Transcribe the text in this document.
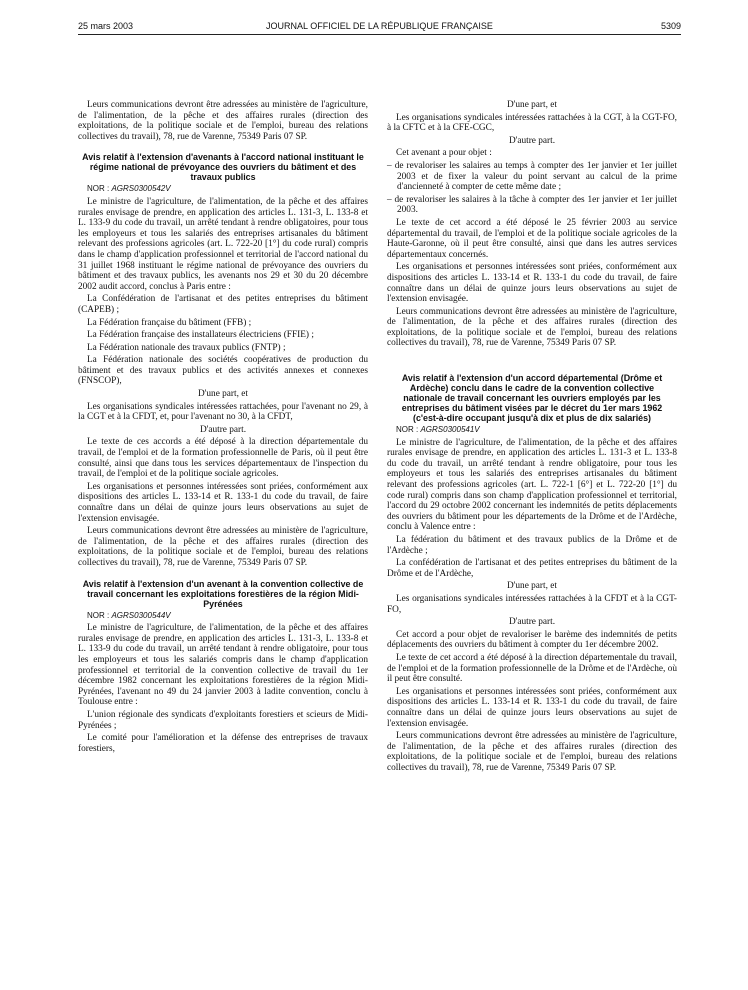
25 mars 2003	JOURNAL OFFICIEL DE LA RÉPUBLIQUE FRANÇAISE	5309

Leurs communications devront être adressées au ministère de l'agriculture, de l'alimentation, de la pêche et des affaires rurales (direction des exploitations, de la politique sociale et de l'emploi, bureau des relations collectives du travail), 78, rue de Varenne, 75349 Paris 07 SP.

Avis relatif à l'extension d'avenants à l'accord national instituant le régime national de prévoyance des ouvriers du bâtiment et des travaux publics

NOR : AGRS0300542V

Le ministre de l'agriculture, de l'alimentation, de la pêche et des affaires rurales envisage de prendre, en application des articles L. 131-3, L. 133-8 et L. 133-9 du code du travail, un arrêté tendant à rendre obligatoires, pour tous les employeurs et tous les salariés des entreprises artisanales du bâtiment relevant des professions agricoles (art. L. 722-20 [1°] du code rural) compris dans le champ d'application professionnel et territorial de l'accord national du 31 juillet 1968 instituant le régime national de prévoyance des ouvriers du bâtiment et des travaux publics, les avenants nos 29 et 30 du 20 décembre 2002 audit accord, conclus à Paris entre :

La Confédération de l'artisanat et des petites entreprises du bâtiment (CAPEB) ;

La Fédération française du bâtiment (FFB) ;

La Fédération française des installateurs électriciens (FFIE) ;

La Fédération nationale des travaux publics (FNTP) ;

La Fédération nationale des sociétés coopératives de production du bâtiment et des travaux publics et des activités annexes et connexes (FNSCOP),

D'une part, et

Les organisations syndicales intéressées rattachées, pour l'avenant no 29, à la CGT et à la CFDT, et, pour l'avenant no 30, à la CFDT,

D'autre part.

Le texte de ces accords a été déposé à la direction départementale du travail, de l'emploi et de la formation professionnelle de Paris, où il peut être consulté, ainsi que dans tous les services départementaux de l'inspection du travail, de l'emploi et de la politique sociale agricoles.

Les organisations et personnes intéressées sont priées, conformément aux dispositions des articles L. 133-14 et R. 133-1 du code du travail, de faire connaître dans un délai de quinze jours leurs observations au sujet de l'extension envisagée.

Leurs communications devront être adressées au ministère de l'agriculture, de l'alimentation, de la pêche et des affaires rurales (direction des exploitations, de la politique sociale et de l'emploi, bureau des relations collectives du travail), 78, rue de Varenne, 75349 Paris 07 SP.

Avis relatif à l'extension d'un avenant à la convention collective de travail concernant les exploitations forestières de la région Midi-Pyrénées

NOR : AGRS0300544V

Le ministre de l'agriculture, de l'alimentation, de la pêche et des affaires rurales envisage de prendre, en application des articles L. 131-3, L. 133-8 et L. 133-9 du code du travail, un arrêté tendant à rendre obligatoire, pour tous les employeurs et tous les salariés compris dans le champ d'application professionnel et territorial de la convention collective de travail du 1er décembre 1982 concernant les exploitations forestières de la région Midi-Pyrénées, l'avenant no 49 du 24 janvier 2003 à ladite convention, conclu à Toulouse entre :

L'union régionale des syndicats d'exploitants forestiers et scieurs de Midi-Pyrénées ;

Le comité pour l'amélioration et la défense des entreprises de travaux forestiers,

D'une part, et

Les organisations syndicales intéressées rattachées à la CGT, à la CGT-FO, à la CFTC et à la CFE-CGC,

D'autre part.

Cet avenant a pour objet :

– de revaloriser les salaires au temps à compter des 1er janvier et 1er juillet 2003 et de fixer la valeur du point servant au calcul de la prime d'ancienneté à compter de cette même date ;

– de revaloriser les salaires à la tâche à compter des 1er janvier et 1er juillet 2003.

Le texte de cet accord a été déposé le 25 février 2003 au service départemental du travail, de l'emploi et de la politique sociale agricoles de la Haute-Garonne, où il peut être consulté, ainsi que dans les autres services départementaux concernés.

Les organisations et personnes intéressées sont priées, conformément aux dispositions des articles L. 133-14 et R. 133-1 du code du travail, de faire connaître dans un délai de quinze jours leurs observations au sujet de l'extension envisagée.

Leurs communications devront être adressées au ministère de l'agriculture, de l'alimentation, de la pêche et des affaires rurales (direction des exploitations, de la politique sociale et de l'emploi, bureau des relations collectives du travail), 78, rue de Varenne, 75349 Paris 07 SP.

Avis relatif à l'extension d'un accord départemental (Drôme et Ardèche) conclu dans le cadre de la convention collective nationale de travail concernant les ouvriers employés par les entreprises du bâtiment visées par le décret du 1er mars 1962 (c'est-à-dire occupant jusqu'à dix et plus de dix salariés)

NOR : AGRS0300541V

Le ministre de l'agriculture, de l'alimentation, de la pêche et des affaires rurales envisage de prendre, en application des articles L. 131-3 et L. 133-8 du code du travail, un arrêté tendant à rendre obligatoire, pour tous les employeurs et tous les salariés des entreprises artisanales du bâtiment relevant des professions agricoles (art. L. 722-1 [6°] et L. 722-20 [1°] du code rural) compris dans son champ d'application professionnel et territorial, l'accord du 29 octobre 2002 concernant les indemnités de petits déplacements des ouvriers du bâtiment pour les départements de la Drôme et de l'Ardèche, conclu à Valence entre :

La fédération du bâtiment et des travaux publics de la Drôme et de l'Ardèche ;

La confédération de l'artisanat et des petites entreprises du bâtiment de la Drôme et de l'Ardèche,

D'une part, et

Les organisations syndicales intéressées rattachées à la CFDT et à la CGT-FO,

D'autre part.

Cet accord a pour objet de revaloriser le barème des indemnités de petits déplacements des ouvriers du bâtiment à compter du 1er décembre 2002.

Le texte de cet accord a été déposé à la direction départementale du travail, de l'emploi et de la formation professionnelle de la Drôme et de l'Ardèche, où il peut être consulté.

Les organisations et personnes intéressées sont priées, conformément aux dispositions des articles L. 133-14 et R. 133-1 du code du travail, de faire connaître dans un délai de quinze jours leurs observations au sujet de l'extension envisagée.

Leurs communications devront être adressées au ministère de l'agriculture, de l'alimentation, de la pêche et des affaires rurales (direction des exploitations, de la politique sociale et de l'emploi, bureau des relations collectives du travail), 78, rue de Varenne, 75349 Paris 07 SP.
